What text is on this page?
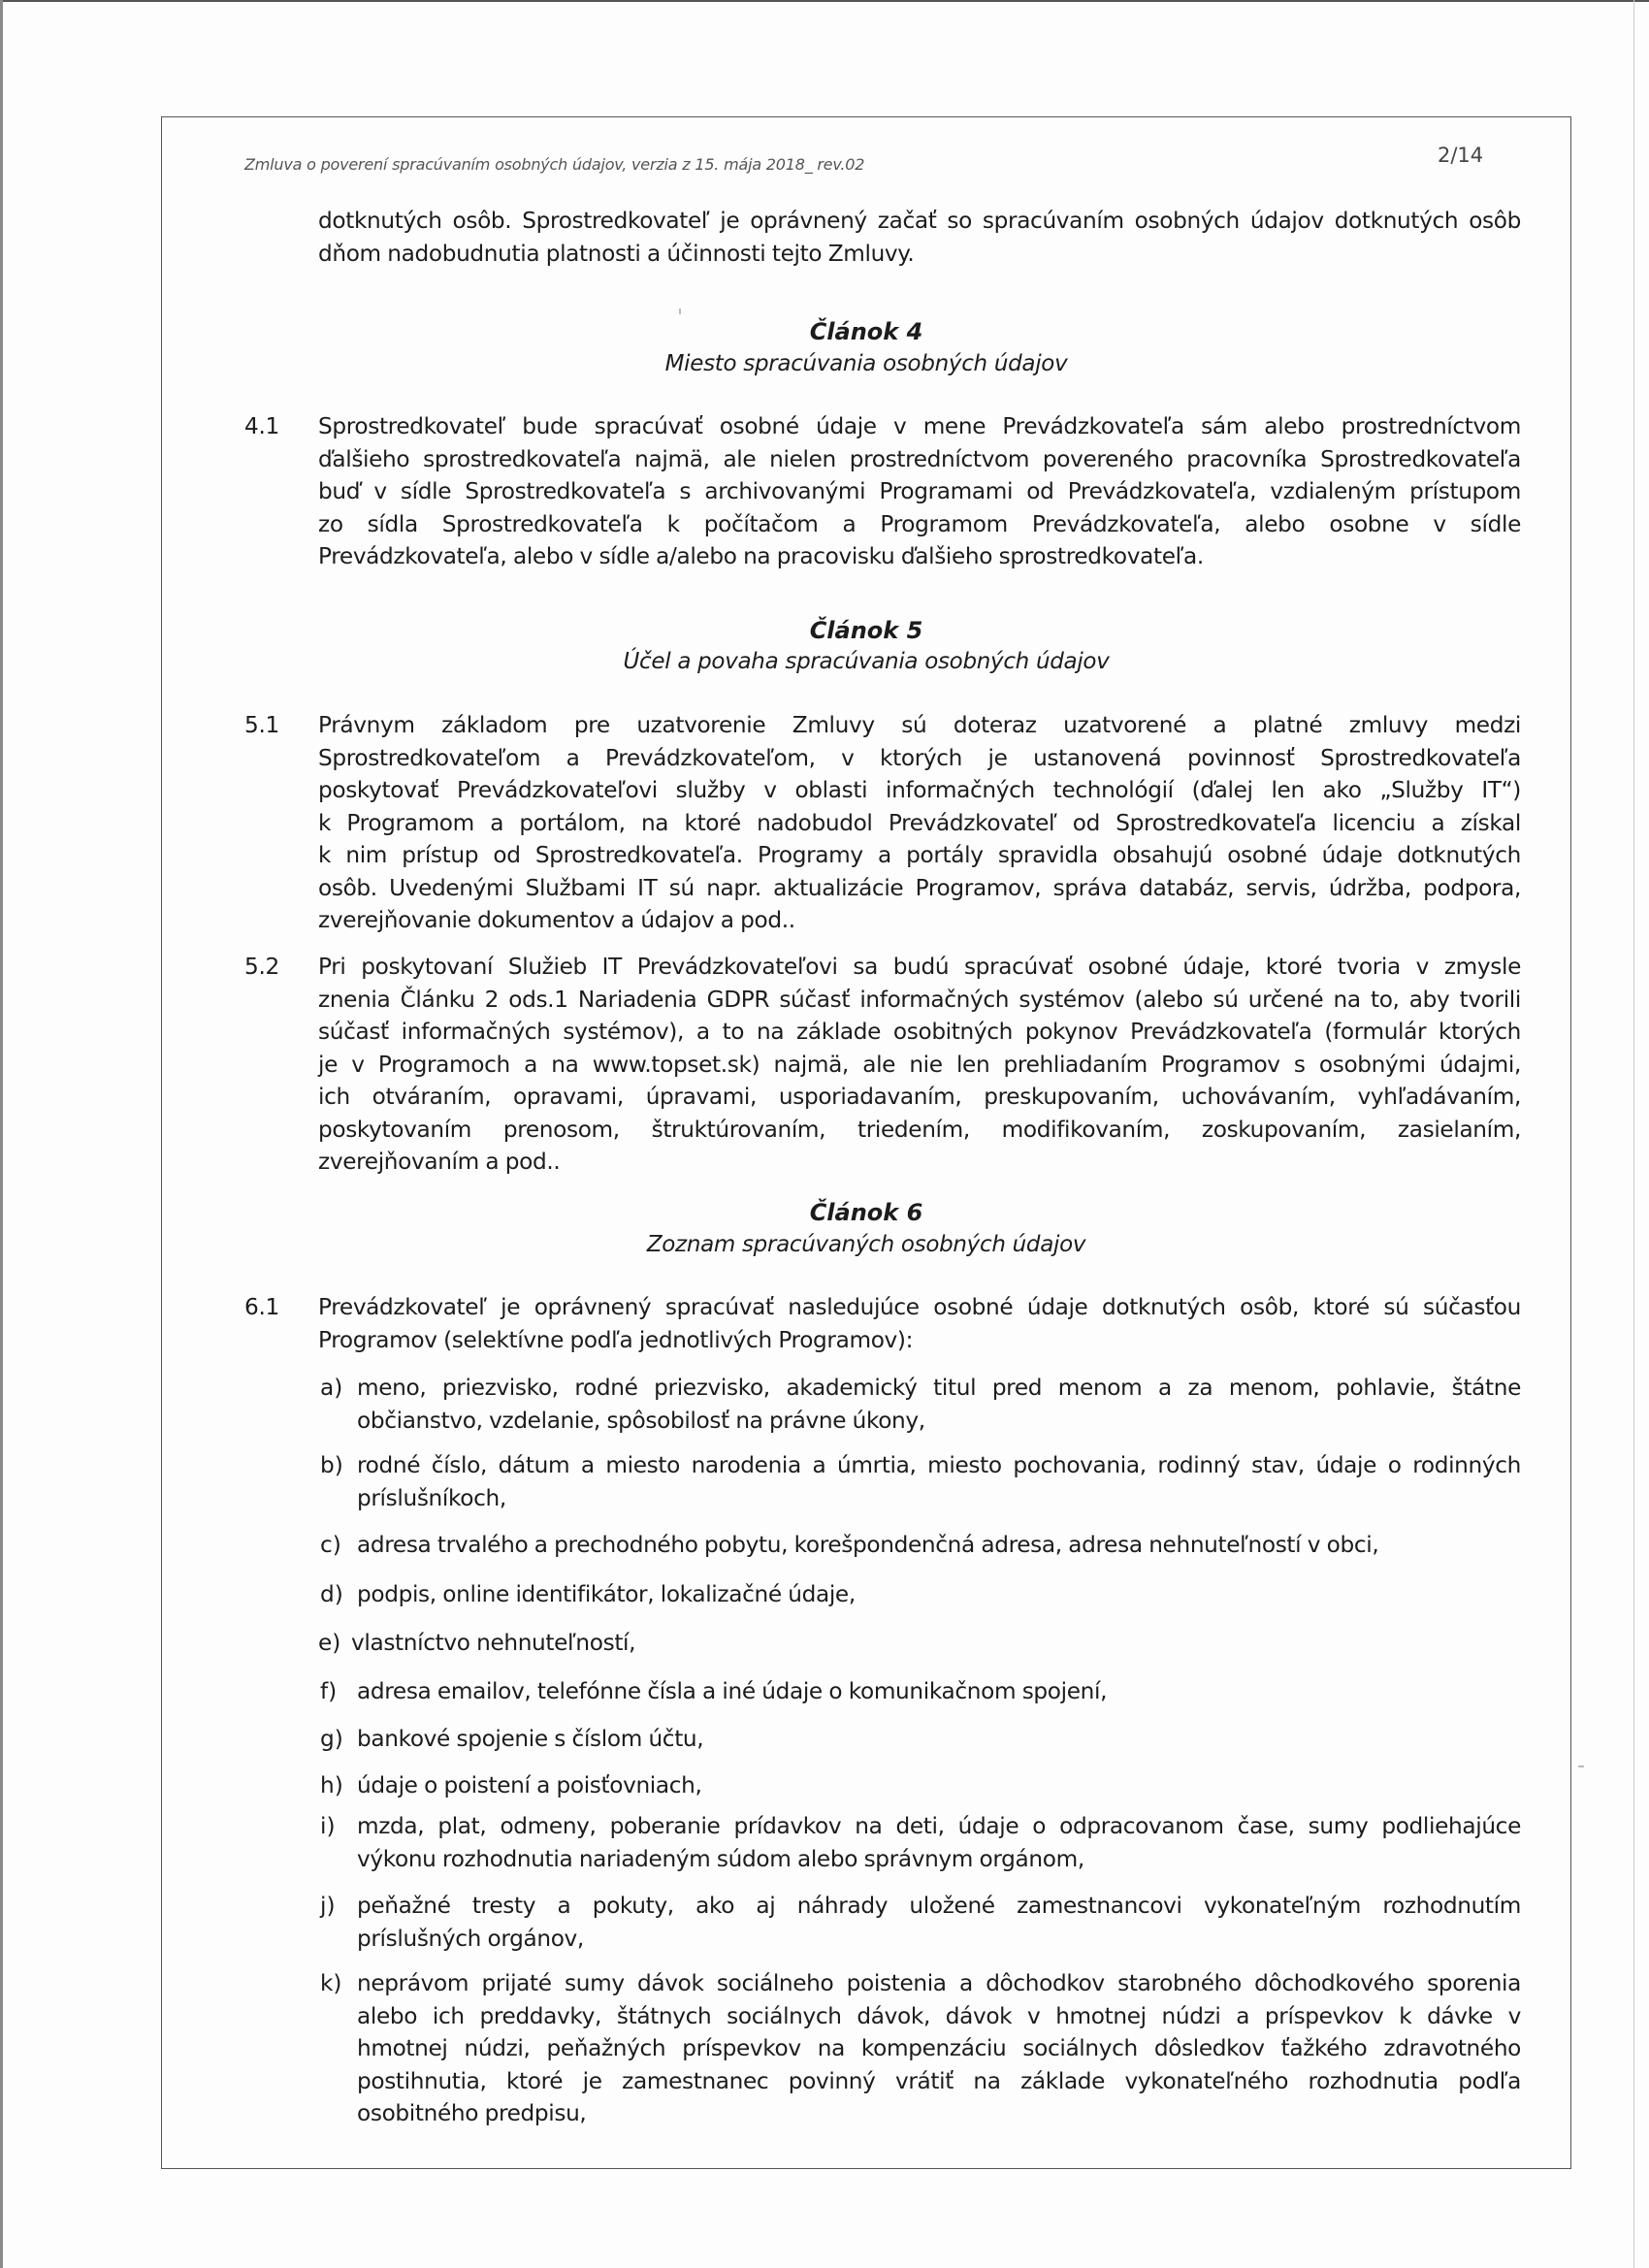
Zmluva o poverení spracúvaním osobných údajov, verzia z 15. mája 2018_ rev.02	2/14
dotknutých osôb. Sprostredkovateľ je oprávnený začať so spracúvaním osobných údajov dotknutých osôb
dňom nadobudnutia platnosti a účinnosti tejto Zmluvy.
Článok 4
Miesto spracúvania osobných údajov
4.1 Sprostredkovateľ bude spracúvať osobné údaje v mene Prevádzkovateľa sám alebo prostredníctvom
ďalšieho sprostredkovateľa najmä, ale nielen prostredníctvom povereného pracovníka Sprostredkovateľa
buď v sídle Sprostredkovateľa s archivovanými Programami od Prevádzkovateľa, vzdialeným prístupom
zo sídla Sprostredkovateľa k počítačom a Programom Prevádzkovateľa, alebo osobne v sídle
Prevádzkovateľa, alebo v sídle a/alebo na pracovisku ďalšieho sprostredkovateľa.
Článok 5
Účel a povaha spracúvania osobných údajov
5.1 Právnym základom pre uzatvorenie Zmluvy sú doteraz uzatvorené a platné zmluvy medzi
Sprostredkovateľom a Prevádzkovateľom, v ktorých je ustanovená povinnosť Sprostredkovateľa
poskytovať Prevádzkovateľovi služby v oblasti informačných technológií (ďalej len ako „Služby IT“)
k Programom a portálom, na ktoré nadobudol Prevádzkovateľ od Sprostredkovateľa licenciu a získal
k nim prístup od Sprostredkovateľa. Programy a portály spravidla obsahujú osobné údaje dotknutých
osôb. Uvedenými Službami IT sú napr. aktualizácie Programov, správa databáz, servis, údržba, podpora,
zverejňovanie dokumentov a údajov a pod..
5.2 Pri poskytovaní Služieb IT Prevádzkovateľovi sa budú spracúvať osobné údaje, ktoré tvoria v zmysle
znenia Článku 2 ods.1 Nariadenia GDPR súčasť informačných systémov (alebo sú určené na to, aby tvorili
súčasť informačných systémov), a to na základe osobitných pokynov Prevádzkovateľa (formulár ktorých
je v Programoch a na www.topset.sk) najmä, ale nie len prehliadaním Programov s osobnými údajmi,
ich otváraním, opravami, úpravami, usporiadavaním, preskupovaním, uchovávaním, vyhľadávaním,
poskytovaním prenosom, štruktúrovaním, triedením, modifikovaním, zoskupovaním, zasielaním,
zverejňovaním a pod..
Článok 6
Zoznam spracúvaných osobných údajov
6.1 Prevádzkovateľ je oprávnený spracúvať nasledujúce osobné údaje dotknutých osôb, ktoré sú súčasťou
Programov (selektívne podľa jednotlivých Programov):
a) meno, priezvisko, rodné priezvisko, akademický titul pred menom a za menom, pohlavie, štátne
občianstvo, vzdelanie, spôsobilosť na právne úkony,
b) rodné číslo, dátum a miesto narodenia a úmrtia, miesto pochovania, rodinný stav, údaje o rodinných
príslušníkoch,
c) adresa trvalého a prechodného pobytu, korešpondenčná adresa, adresa nehnuteľností v obci,
d) podpis, online identifikátor, lokalizačné údaje,
e) vlastníctvo nehnuteľností,
f) adresa emailov, telefónne čísla a iné údaje o komunikačnom spojení,
g) bankové spojenie s číslom účtu,
h) údaje o poistení a poisťovniach,
i) mzda, plat, odmeny, poberanie prídavkov na deti, údaje o odpracovanom čase, sumy podliehajúce
výkonu rozhodnutia nariadeným súdom alebo správnym orgánom,
j) peňažné tresty a pokuty, ako aj náhrady uložené zamestnancovi vykonateľným rozhodnutím
príslušných orgánov,
k) neprávom prijaté sumy dávok sociálneho poistenia a dôchodkov starobného dôchodkového sporenia
alebo ich preddavky, štátnych sociálnych dávok, dávok v hmotnej núdzi a príspevkov k dávke v
hmotnej núdzi, peňažných príspevkov na kompenzáciu sociálnych dôsledkov ťažkého zdravotného
postihnutia, ktoré je zamestnanec povinný vrátiť na základe vykonateľného rozhodnutia podľa
osobitného predpisu,
